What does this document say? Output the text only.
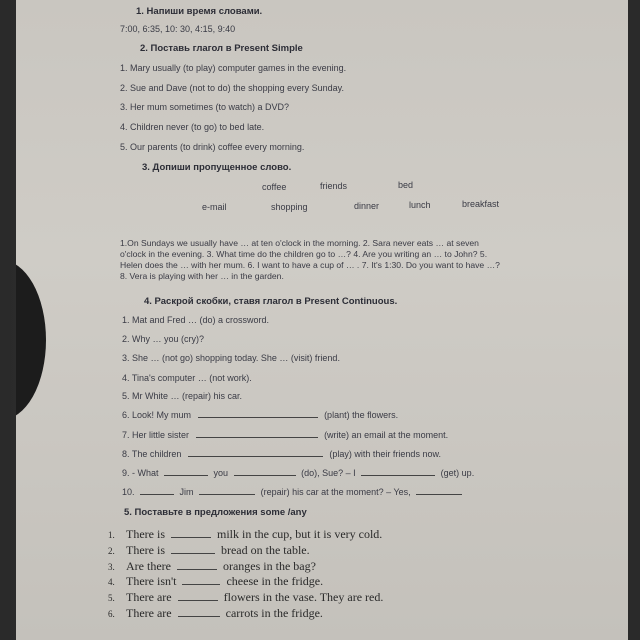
1. Напиши время словами.
7:00, 6:35, 10: 30, 4:15, 9:40
2. Поставь глагол в Present Simple
1. Mary usually (to play) computer games in the evening.
2. Sue and Dave (not to do) the shopping every Sunday.
3. Her mum sometimes (to watch) a DVD?
4. Children never (to go) to bed late.
5. Our parents (to drink) coffee every morning.
3. Допиши пропущенное слово.
coffee	friends	bed
e-mail	shopping	dinner	lunch	breakfast
1.On Sundays we usually have … at ten o'clock in the morning. 2. Sara never eats … at seven
o'clock in the evening. 3. What time do the children go to …? 4. Are you writing an … to John? 5.
Helen does the … with her mum. 6. I want to have a cup of … . 7. It's 1:30. Do you want to have …?
8. Vera is playing with her … in the garden.
4. Раскрой скобки, ставя глагол в Present Continuous.
1. Mat and Fred … (do) a crossword.
2. Why … you (cry)?
3. She … (not go) shopping today. She … (visit) friend.
4. Tina's computer … (not work).
5. Mr White … (repair) his car.
6. Look! My mum	(plant) the flowers.
7. Her little sister	(write) an email at the moment.
8. The children	(play) with their friends now.
9. - What	you	(do), Sue? – I	(get) up.
10.	Jim	(repair) his car at the moment? – Yes,
5. Поставьте в предложения some /any
1. There is	milk in the cup, but it is very cold.
2. There is	bread on the table.
3. Are there	oranges in the bag?
4. There isn't	cheese in the fridge.
5. There are	flowers in the vase. They are red.
6. There are	carrots in the fridge.
